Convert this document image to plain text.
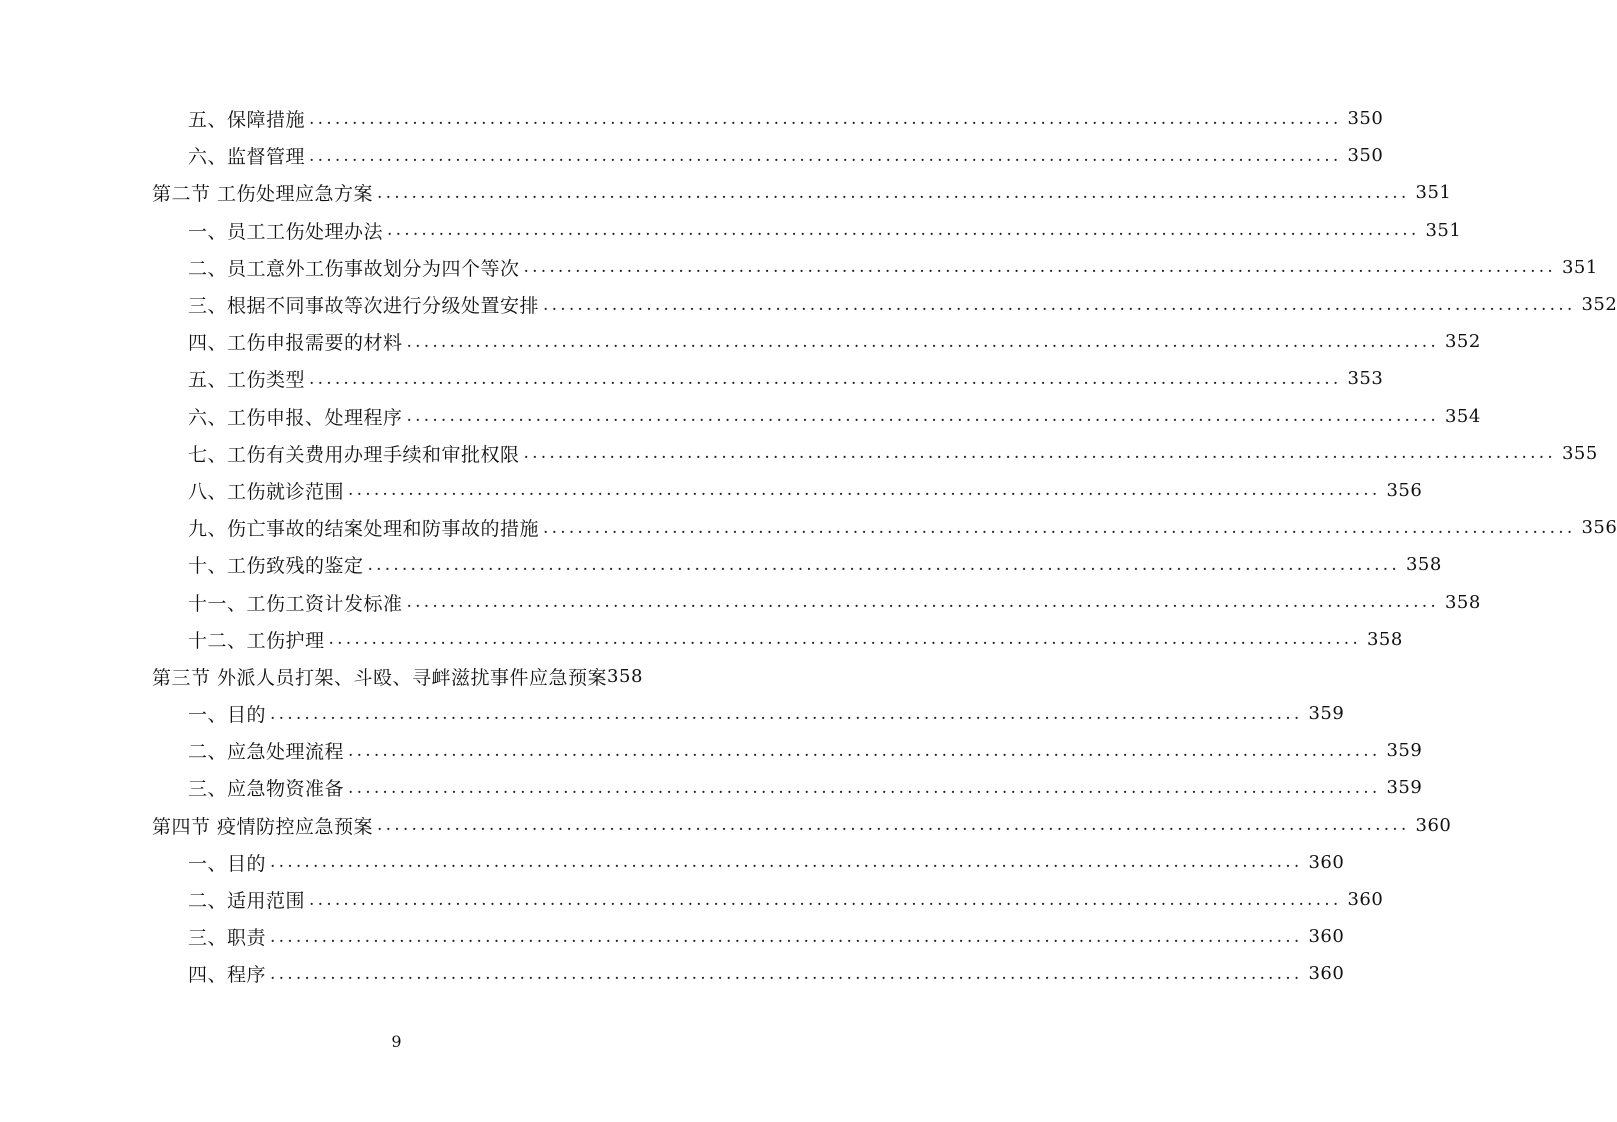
五、保障措施 ........................................................................................................................ 350
六、监督管理 ........................................................................................................................ 350
第二节 工伤处理应急方案 ........................................................................................................................ 351
一、员工工伤处理办法 ........................................................................................................................ 351
二、员工意外工伤事故划分为四个等次 ........................................................................................................................ 351
三、根据不同事故等次进行分级处置安排 ........................................................................................................................ 352
四、工伤申报需要的材料 ........................................................................................................................ 352
五、工伤类型 ........................................................................................................................ 353
六、工伤申报、处理程序 ........................................................................................................................ 354
七、工伤有关费用办理手续和审批权限 ........................................................................................................................ 355
八、工伤就诊范围 ........................................................................................................................ 356
九、伤亡事故的结案处理和防事故的措施 ........................................................................................................................ 356
十、工伤致残的鉴定 ........................................................................................................................ 358
十一、工伤工资计发标准 ........................................................................................................................ 358
十二、工伤护理 ........................................................................................................................ 358
第三节 外派人员打架、斗殴、寻衅滋扰事件应急预案 358
一、目的 ........................................................................................................................ 359
二、应急处理流程 ........................................................................................................................ 359
三、应急物资准备 ........................................................................................................................ 359
第四节 疫情防控应急预案 ........................................................................................................................ 360
一、目的 ........................................................................................................................ 360
二、适用范围 ........................................................................................................................ 360
三、职责 ........................................................................................................................ 360
四、程序 ........................................................................................................................ 360
9
